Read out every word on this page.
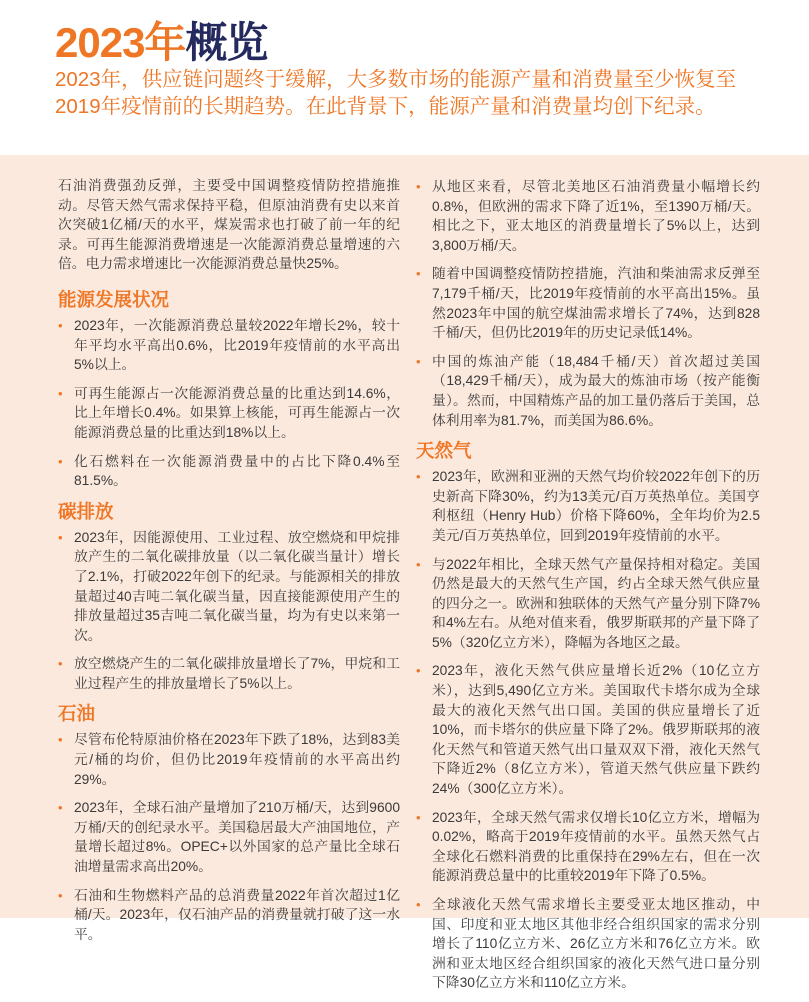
2023年概览

2023年，供应链问题终于缓解，大多数市场的能源产量和消费量至少恢复至2019年疫情前的长期趋势。在此背景下，能源产量和消费量均创下纪录。

石油消费强劲反弹，主要受中国调整疫情防控措施推动。尽管天然气需求保持平稳，但原油消费有史以来首次突破1亿桶/天的水平，煤炭需求也打破了前一年的纪录。可再生能源消费增速是一次能源消费总量增速的六倍。电力需求增速比一次能源消费总量快25%。

能源发展状况
• 2023年，一次能源消费总量较2022年增长2%，较十年平均水平高出0.6%，比2019年疫情前的水平高出5%以上。
• 可再生能源占一次能源消费总量的比重达到14.6%，比上年增长0.4%。如果算上核能，可再生能源占一次能源消费总量的比重达到18%以上。
• 化石燃料在一次能源消费量中的占比下降0.4%至81.5%。
碳排放
• 2023年，因能源使用、工业过程、放空燃烧和甲烷排放产生的二氧化碳排放量（以二氧化碳当量计）增长了2.1%，打破2022年创下的纪录。与能源相关的排放量超过40吉吨二氧化碳当量，因直接能源使用产生的排放量超过35吉吨二氧化碳当量，均为有史以来第一次。
• 放空燃烧产生的二氧化碳排放量增长了7%，甲烷和工业过程产生的排放量增长了5%以上。
石油
• 尽管布伦特原油价格在2023年下跌了18%，达到83美元/桶的均价，但仍比2019年疫情前的水平高出约29%。
• 2023年，全球石油产量增加了210万桶/天，达到9600万桶/天的创纪录水平。美国稳居最大产油国地位，产量增长超过8%。OPEC+以外国家的总产量比全球石油增量需求高出20%。
• 石油和生物燃料产品的总消费量2022年首次超过1亿桶/天。2023年，仅石油产品的消费量就打破了这一水平。
• 从地区来看，尽管北美地区石油消费量小幅增长约0.8%，但欧洲的需求下降了近1%，至1390万桶/天。相比之下，亚太地区的消费量增长了5%以上，达到3,800万桶/天。
• 随着中国调整疫情防控措施，汽油和柴油需求反弹至7,179千桶/天，比2019年疫情前的水平高出15%。虽然2023年中国的航空煤油需求增长了74%，达到828千桶/天，但仍比2019年的历史记录低14%。
• 中国的炼油产能（18,484千桶/天）首次超过美国（18,429千桶/天），成为最大的炼油市场（按产能衡量）。然而，中国精炼产品的加工量仍落后于美国，总体利用率为81.7%，而美国为86.6%。
天然气
• 2023年，欧洲和亚洲的天然气均价较2022年创下的历史新高下降30%，约为13美元/百万英热单位。美国亨利枢纽（Henry Hub）价格下降60%，全年均价为2.5美元/百万英热单位，回到2019年疫情前的水平。
• 与2022年相比，全球天然气产量保持相对稳定。美国仍然是最大的天然气生产国，约占全球天然气供应量的四分之一。欧洲和独联体的天然气产量分别下降7%和4%左右。从绝对值来看，俄罗斯联邦的产量下降了5%（320亿立方米），降幅为各地区之最。
• 2023年，液化天然气供应量增长近2%（10亿立方米），达到5,490亿立方米。美国取代卡塔尔成为全球最大的液化天然气出口国。美国的供应量增长了近10%，而卡塔尔的供应量下降了2%。俄罗斯联邦的液化天然气和管道天然气出口量双双下滑，液化天然气下降近2%（8亿立方米），管道天然气供应量下跌约24%（300亿立方米）。
• 2023年，全球天然气需求仅增长10亿立方米，增幅为0.02%，略高于2019年疫情前的水平。虽然天然气占全球化石燃料消费的比重保持在29%左右，但在一次能源消费总量中的比重较2019年下降了0.5%。
• 全球液化天然气需求增长主要受亚太地区推动，中国、印度和亚太地区其他非经合组织国家的需求分别增长了110亿立方米、26亿立方米和76亿立方米。欧洲和亚太地区经合组织国家的液化天然气进口量分别下降30亿立方米和110亿立方米。
